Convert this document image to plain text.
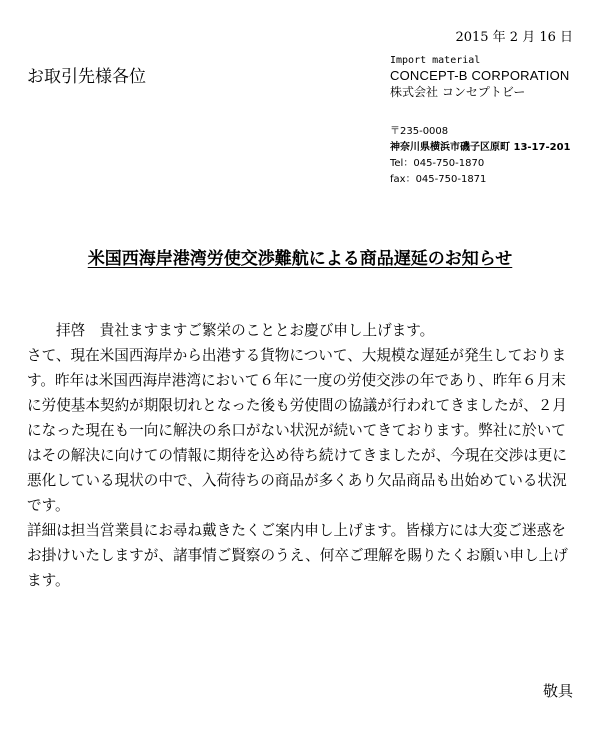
2015 年 2 月 16 日
お取引先様各位
Import material
CONCEPT-B CORPORATION
株式会社 コンセプトビー
〒235-0008
神奈川県横浜市磯子区原町 13-17-201
Tel：045-750-1870
fax：045-750-1871
米国西海岸港湾労使交渉難航による商品遅延のお知らせ

拝啓　貴社ますますご繁栄のこととお慶び申し上げます。

さて、現在米国西海岸から出港する貨物について、大規模な遅延が発生しております。昨年は米国西海岸港湾において６年に一度の労使交渉の年であり、昨年６月末に労使基本契約が期限切れとなった後も労使間の協議が行われてきましたが、２月になった現在も一向に解決の糸口がない状況が続いてきております。弊社に於いてはその解決に向けての情報に期待を込め待ち続けてきましたが、今現在交渉は更に悪化している現状の中で、入荷待ちの商品が多くあり欠品商品も出始めている状況です。

詳細は担当営業員にお尋ね戴きたくご案内申し上げます。皆様方には大変ご迷惑をお掛けいたしますが、諸事情ご賢察のうえ、何卒ご理解を賜りたくお願い申し上げます。

敬具
